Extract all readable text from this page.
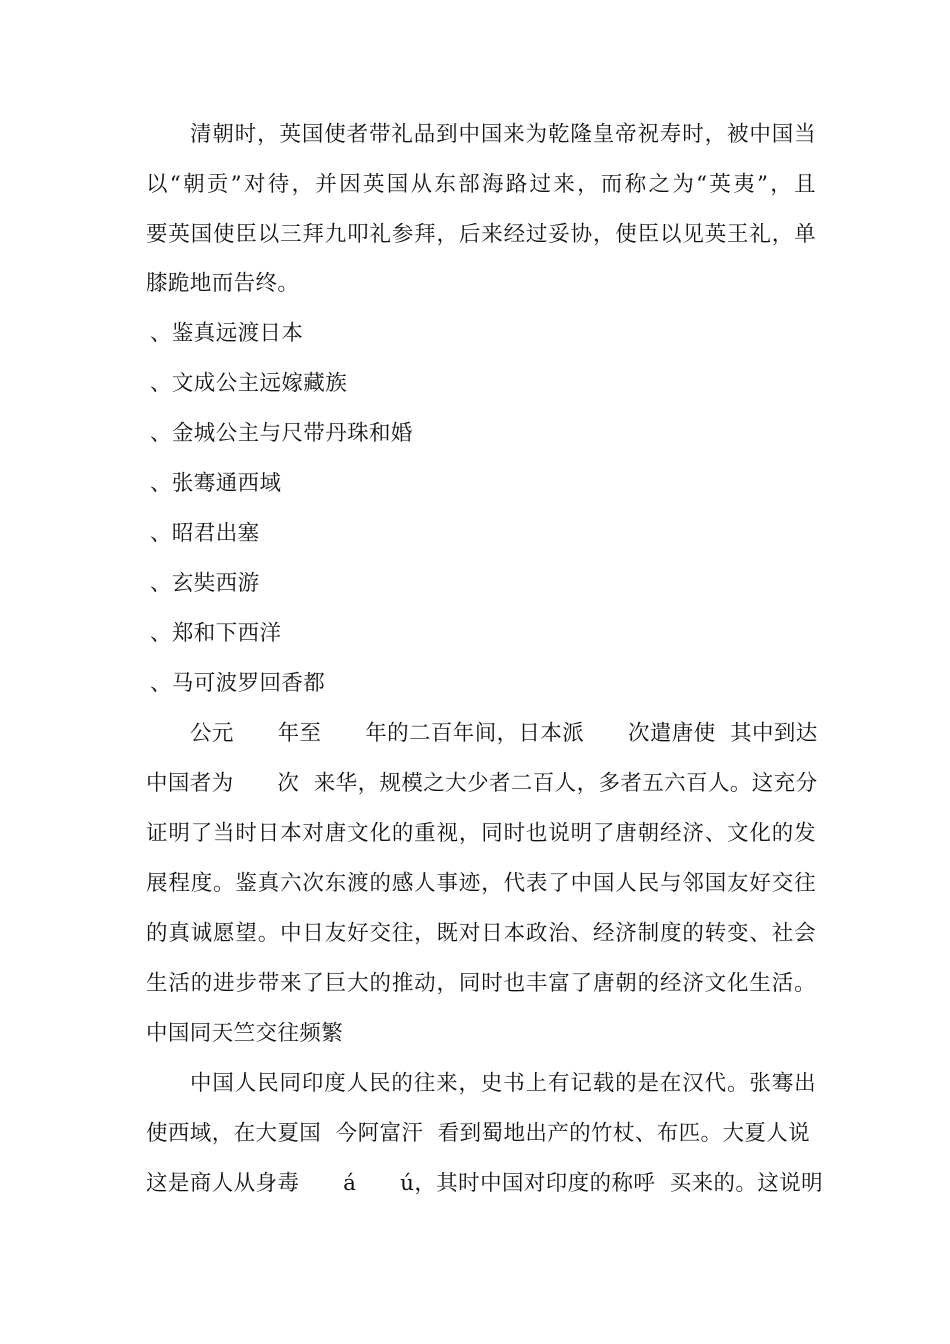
清朝时，英国使者带礼品到中国来为乾隆皇帝祝寿时，被中国当
以“朝贡”对待，并因英国从东部海路过来，而称之为“英夷”，且
要英国使臣以三拜九叩礼参拜，后来经过妥协，使臣以见英王礼，单
膝跪地而告终。
、鉴真远渡日本
、文成公主远嫁藏族
、金城公主与尺带丹珠和婚
、张骞通西域
、昭君出塞
、玄奘西游
、郑和下西洋
、马可波罗回香都
公元　　年至　　年的二百年间，日本派　　次遣唐使  其中到达
中国者为　　次  来华，规模之大少者二百人，多者五六百人。这充分
证明了当时日本对唐文化的重视，同时也说明了唐朝经济、文化的发
展程度。鉴真六次东渡的感人事迹，代表了中国人民与邻国友好交往
的真诚愿望。中日友好交往，既对日本政治、经济制度的转变、社会
生活的进步带来了巨大的推动，同时也丰富了唐朝的经济文化生活。
中国同天竺交往频繁
中国人民同印度人民的往来，史书上有记载的是在汉代。张骞出
使西域，在大夏国  今阿富汗  看到蜀地出产的竹杖、布匹。大夏人说
这是商人从身毒　　á　　ú，其时中国对印度的称呼  买来的。这说明
